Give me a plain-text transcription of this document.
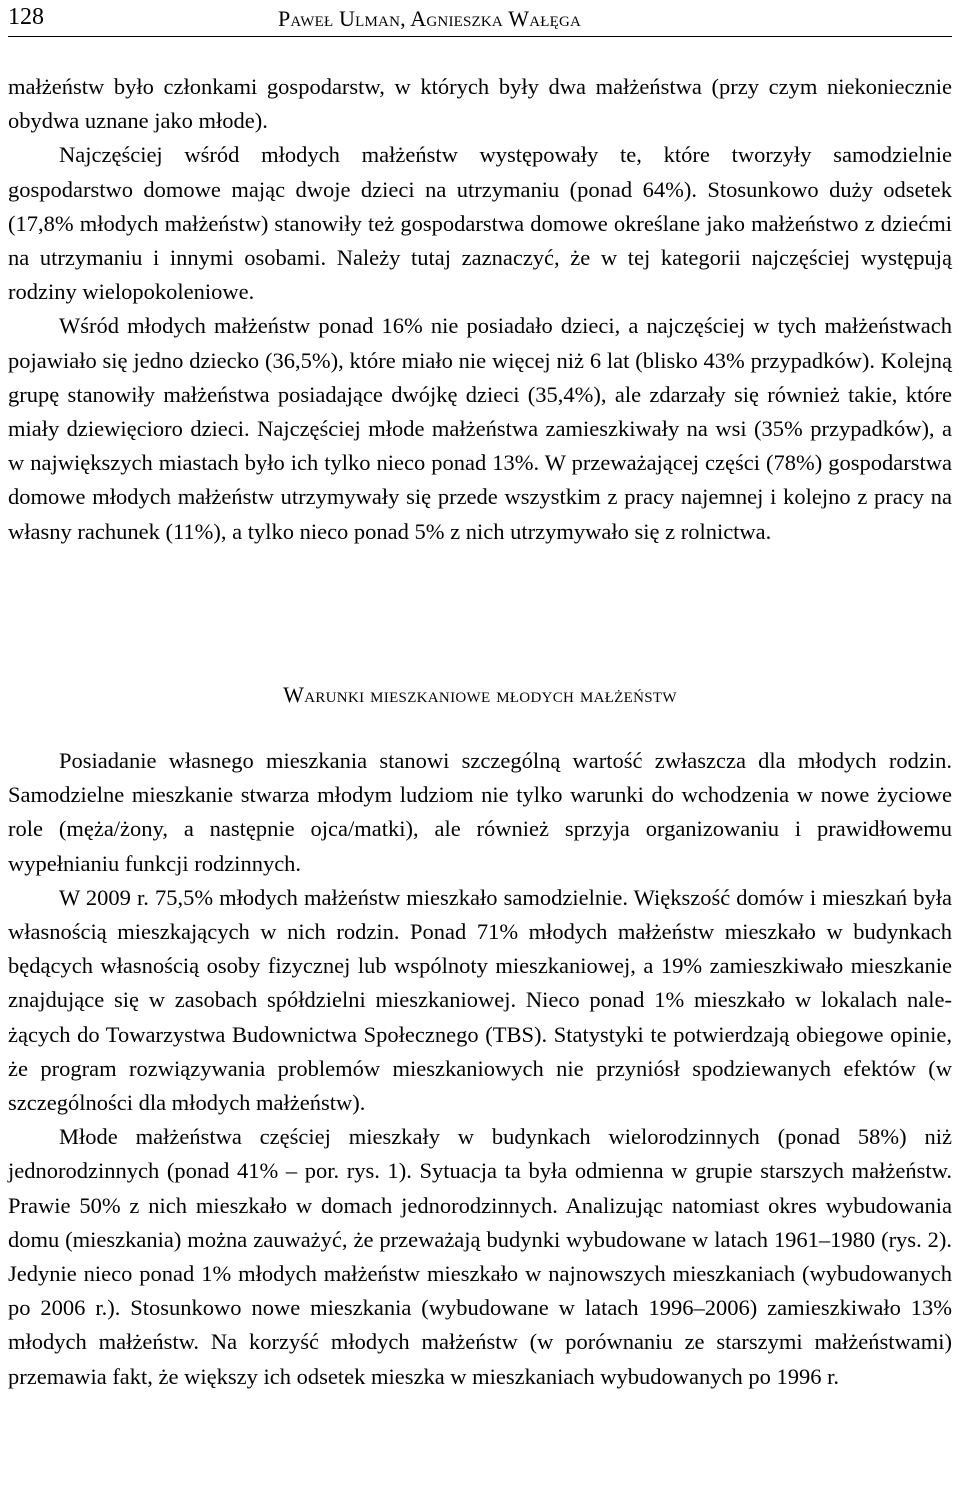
128	Paweł Ulman, Agnieszka Wałęga

małżeństw było członkami gospodarstw, w których były dwa małżeństwa (przy czym niekoniecznie obydwa uznane jako młode).

Najczęściej wśród młodych małżeństw występowały te, które tworzyły samodzielnie gospodarstwo domowe mając dwoje dzieci na utrzymaniu (ponad 64%). Stosunkowo duży odsetek (17,8% młodych małżeństw) stanowiły też gospodarstwa domowe określane jako małżeństwo z dziećmi na utrzymaniu i innymi osobami. Należy tutaj zaznaczyć, że w tej kategorii najczęściej występują rodziny wielopokoleniowe.

Wśród młodych małżeństw ponad 16% nie posiadało dzieci, a najczęściej w tych małżeństwach pojawiało się jedno dziecko (36,5%), które miało nie więcej niż 6 lat (blisko 43% przypadków). Kolejną grupę stanowiły małżeństwa posiadające dwójkę dzieci (35,4%), ale zdarzały się również takie, które miały dziewięcioro dzieci. Najczęściej młode małżeństwa zamieszkiwały na wsi (35% przypadków), a w największych miastach było ich tylko nieco ponad 13%. W przeważającej części (78%) gospodarstwa domowe młodych małżeństw utrzymywały się przede wszystkim z pracy najemnej i kolejno z pracy na własny rachunek (11%), a tylko nieco ponad 5% z nich utrzymywało się z rolnictwa.

Warunki mieszkaniowe młodych małżeństw

Posiadanie własnego mieszkania stanowi szczególną wartość zwłaszcza dla młodych rodzin. Samodzielne mieszkanie stwarza młodym ludziom nie tylko warunki do wchodzenia w nowe życiowe role (męża/żony, a następnie ojca/matki), ale również sprzyja organizowaniu i prawidłowemu wypełnianiu funkcji rodzinnych.

W 2009 r. 75,5% młodych małżeństw mieszkało samodzielnie. Większość domów i mieszkań była własnością mieszkających w nich rodzin. Ponad 71% młodych małżeństw mieszkało w budynkach będących własnością osoby fizycznej lub wspólnoty mieszkaniowej, a 19% zamieszkiwało mieszkanie znajdujące się w zasobach spółdzielni mieszkaniowej. Nieco ponad 1% mieszkało w lokalach należących do Towarzystwa Budownictwa Społecznego (TBS). Statystyki te potwierdzają obiegowe opinie, że program rozwiązywania problemów mieszkaniowych nie przyniósł spodziewanych efektów (w szczególności dla młodych małżeństw).

Młode małżeństwa częściej mieszkały w budynkach wielorodzinnych (ponad 58%) niż jednorodzinnych (ponad 41% – por. rys. 1). Sytuacja ta była odmienna w grupie starszych małżeństw. Prawie 50% z nich mieszkało w domach jednorodzinnych. Analizując natomiast okres wybudowania domu (mieszkania) można zauważyć, że przeważają budynki wybudowane w latach 1961–1980 (rys. 2). Jedynie nieco ponad 1% młodych małżeństw mieszkało w najnowszych mieszkaniach (wybudowanych po 2006 r.). Stosunkowo nowe mieszkania (wybudowane w latach 1996–2006) zamieszkiwało 13% młodych małżeństw. Na korzyść młodych małżeństw (w porównaniu ze starszymi małżeństwami) przemawia fakt, że większy ich odsetek mieszka w mieszkaniach wybudowanych po 1996 r.
